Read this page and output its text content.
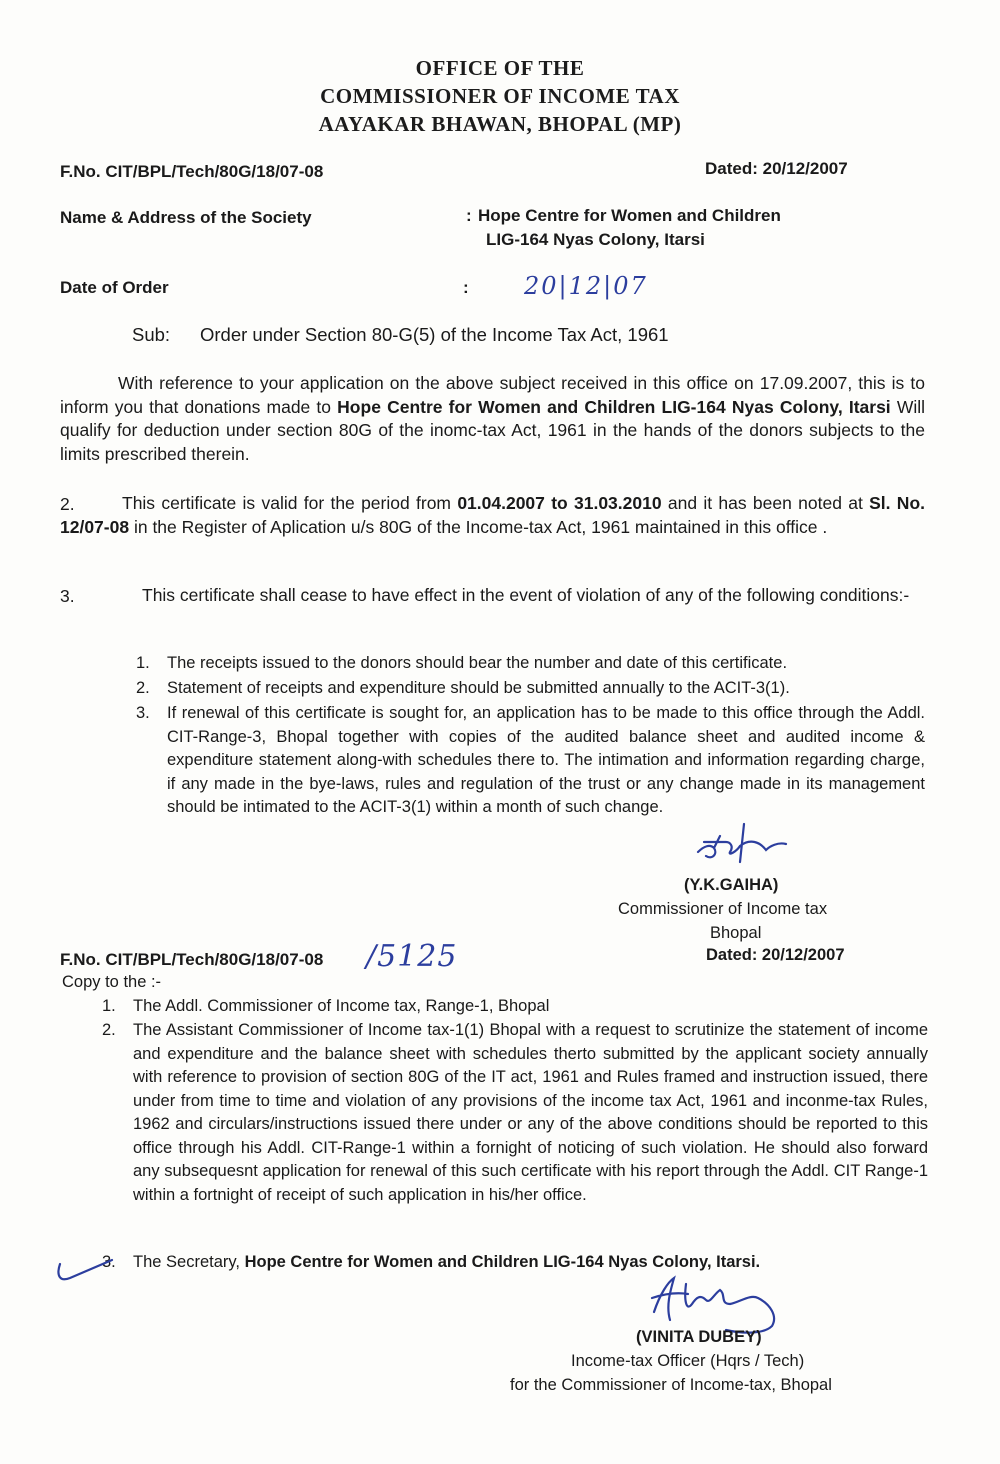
OFFICE OF THE
COMMISSIONER OF INCOME TAX
AAYAKAR BHAWAN, BHOPAL (MP)
F.No. CIT/BPL/Tech/80G/18/07-08	Dated: 20/12/2007
Name & Address of the Society	: Hope Centre for Women and Children
LIG-164 Nyas Colony, Itarsi
Date of Order	: 20|12|07
Sub: Order under Section 80-G(5) of the Income Tax Act, 1961
With reference to your application on the above subject received in this office on 17.09.2007, this is to inform you that donations made to Hope Centre for Women and Children LIG-164 Nyas Colony, Itarsi Will qualify for deduction under section 80G of the inomc-tax Act, 1961 in the hands of the donors subjects to the limits prescribed therein.
This certificate is valid for the period from 01.04.2007 to 31.03.2010 and it has been noted at Sl. No. 12/07-08 in the Register of Aplication u/s 80G of the Income-tax Act, 1961 maintained in this office .
2.
This certificate shall cease to have effect in the event of violation of any of the following conditions:-
3.
1. The receipts issued to the donors should bear the number and date of this certificate.
2. Statement of receipts and expenditure should be submitted annually to the ACIT-3(1).
3. If renewal of this certificate is sought for, an application has to be made to this office through the Addl. CIT-Range-3, Bhopal together with copies of the audited balance sheet and audited income & expenditure statement along-with schedules there to. The intimation and information regarding charge, if any made in the bye-laws, rules and regulation of the trust or any change made in its management should be intimated to the ACIT-3(1) within a month of such change.
(Y.K.GAIHA)
Commissioner of Income tax
Bhopal
Dated: 20/12/2007
F.No. CIT/BPL/Tech/80G/18/07-08 /5125
Copy to the :-
1. The Addl. Commissioner of Income tax, Range-1, Bhopal
2. The Assistant Commissioner of Income tax-1(1) Bhopal with a request to scrutinize the statement of income and expenditure and the balance sheet with schedules therto submitted by the applicant society annually with reference to provision of section 80G of the IT act, 1961 and Rules framed and instruction issued, there under from time to time and violation of any provisions of the income tax Act, 1961 and inconme-tax Rules, 1962 and circulars/instructions issued there under or any of the above conditions should be reported to this office through his Addl. CIT-Range-1 within a fornight of noticing of such violation. He should also forward any subsequesnt application for renewal of this such certificate with his report through the Addl. CIT Range-1 within a fortnight of receipt of such application in his/her office.
3. The Secretary, Hope Centre for Women and Children LIG-164 Nyas Colony, Itarsi.
(VINITA DUBEY)
Income-tax Officer (Hqrs / Tech)
for the Commissioner of Income-tax, Bhopal
